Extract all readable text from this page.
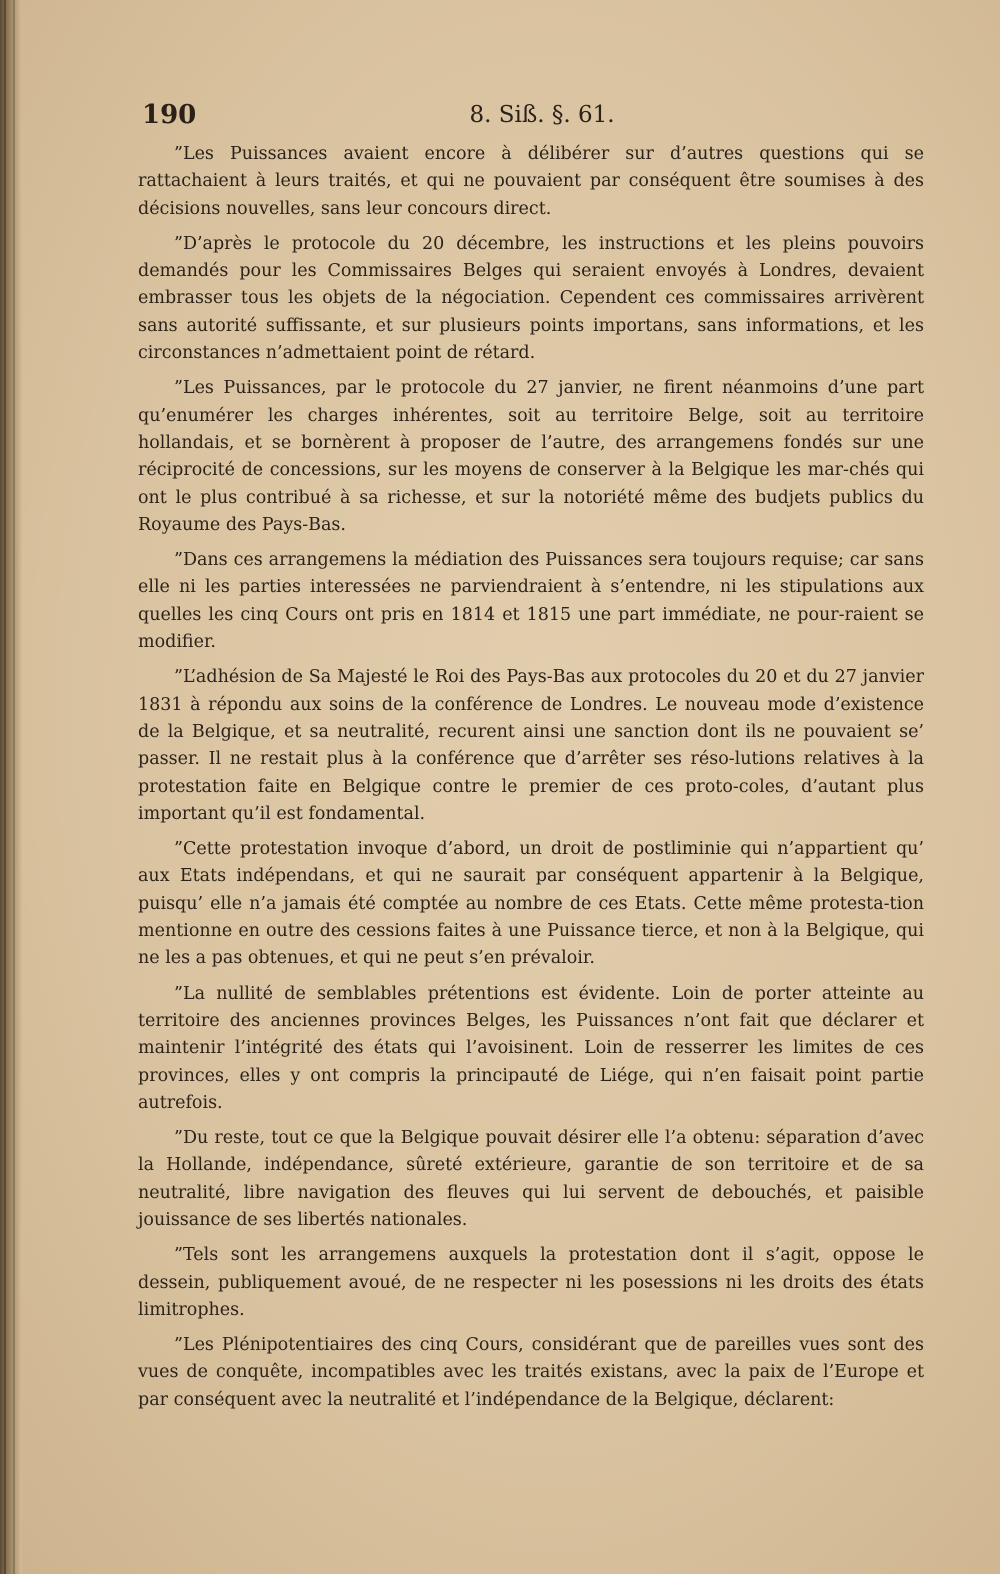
190	8. Siß. §. 61.

”Les Puissances avaient encore à délibérer sur d’autres questions qui se rattachaient à leurs traités, et qui ne pouvaient par conséquent être soumises à des décisions nouvelles, sans leur concours direct.

”D’après le protocole du 20 décembre, les instructions et les pleins pouvoirs demandés pour les Commissaires Belges qui seraient envoyés à Londres, devaient embrasser tous les objets de la négociation. Cependent ces commissaires arrivèrent sans autorité suffissante, et sur plusieurs points importans, sans informations, et les circonstances n’admettaient point de rétard.

”Les Puissances, par le protocole du 27 janvier, ne firent néanmoins d’une part qu’enumérer les charges inhérentes, soit au territoire Belge, soit au territoire hollandais, et se bornèrent à proposer de l’autre, des arrangemens fondés sur une réciprocité de concessions, sur les moyens de conserver à la Belgique les mar-chés qui ont le plus contribué à sa richesse, et sur la notoriété même des budjets publics du Royaume des Pays-Bas.

”Dans ces arrangemens la médiation des Puissances sera toujours requise; car sans elle ni les parties interessées ne parviendraient à s’entendre, ni les stipulations aux quelles les cinq Cours ont pris en 1814 et 1815 une part immédiate, ne pour-raient se modifier.

”L’adhésion de Sa Majesté le Roi des Pays-Bas aux protocoles du 20 et du 27 janvier 1831 à répondu aux soins de la conférence de Londres. Le nouveau mode d’existence de la Belgique, et sa neutralité, recurent ainsi une sanction dont ils ne pouvaient se’ passer. Il ne restait plus à la conférence que d’arrêter ses réso-lutions relatives à la protestation faite en Belgique contre le premier de ces proto-coles, d’autant plus important qu’il est fondamental.

”Cette protestation invoque d’abord, un droit de postliminie qui n’appartient qu’ aux Etats indépendans, et qui ne saurait par conséquent appartenir à la Belgique, puisqu’ elle n’a jamais été comptée au nombre de ces Etats. Cette même protesta-tion mentionne en outre des cessions faites à une Puissance tierce, et non à la Belgique, qui ne les a pas obtenues, et qui ne peut s’en prévaloir.

”La nullité de semblables prétentions est évidente. Loin de porter atteinte au territoire des anciennes provinces Belges, les Puissances n’ont fait que déclarer et maintenir l’intégrité des états qui l’avoisinent. Loin de resserrer les limites de ces provinces, elles y ont compris la principauté de Liége, qui n’en faisait point partie autrefois.

”Du reste, tout ce que la Belgique pouvait désirer elle l’a obtenu: séparation d’avec la Hollande, indépendance, sûreté extérieure, garantie de son territoire et de sa neutralité, libre navigation des fleuves qui lui servent de debouchés, et paisible jouissance de ses libertés nationales.

”Tels sont les arrangemens auxquels la protestation dont il s’agit, oppose le dessein, publiquement avoué, de ne respecter ni les posessions ni les droits des états limitrophes.

”Les Plénipotentiaires des cinq Cours, considérant que de pareilles vues sont des vues de conquête, incompatibles avec les traités existans, avec la paix de l’Europe et par conséquent avec la neutralité et l’indépendance de la Belgique, déclarent:
